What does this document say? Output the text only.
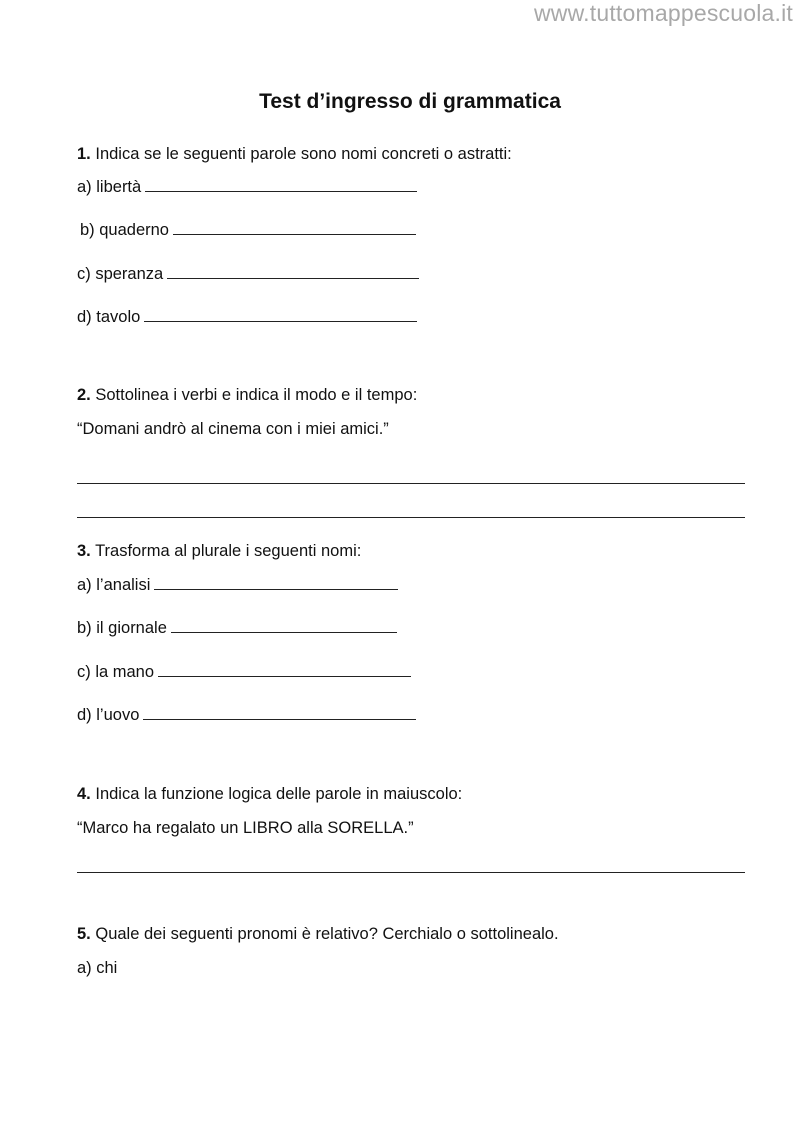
www.tuttomappescuola.it
Test d’ingresso di grammatica
1. Indica se le seguenti parole sono nomi concreti o astratti:
a) libertà
b) quaderno
c) speranza
d) tavolo
2. Sottolinea i verbi e indica il modo e il tempo:
“Domani andrò al cinema con i miei amici.”
3. Trasforma al plurale i seguenti nomi:
a) l’analisi
b) il giornale
c) la mano
d) l’uovo
4. Indica la funzione logica delle parole in maiuscolo:
“Marco ha regalato un LIBRO alla SORELLA.”
5. Quale dei seguenti pronomi è relativo? Cerchialo o sottolinealo.
a) chi
